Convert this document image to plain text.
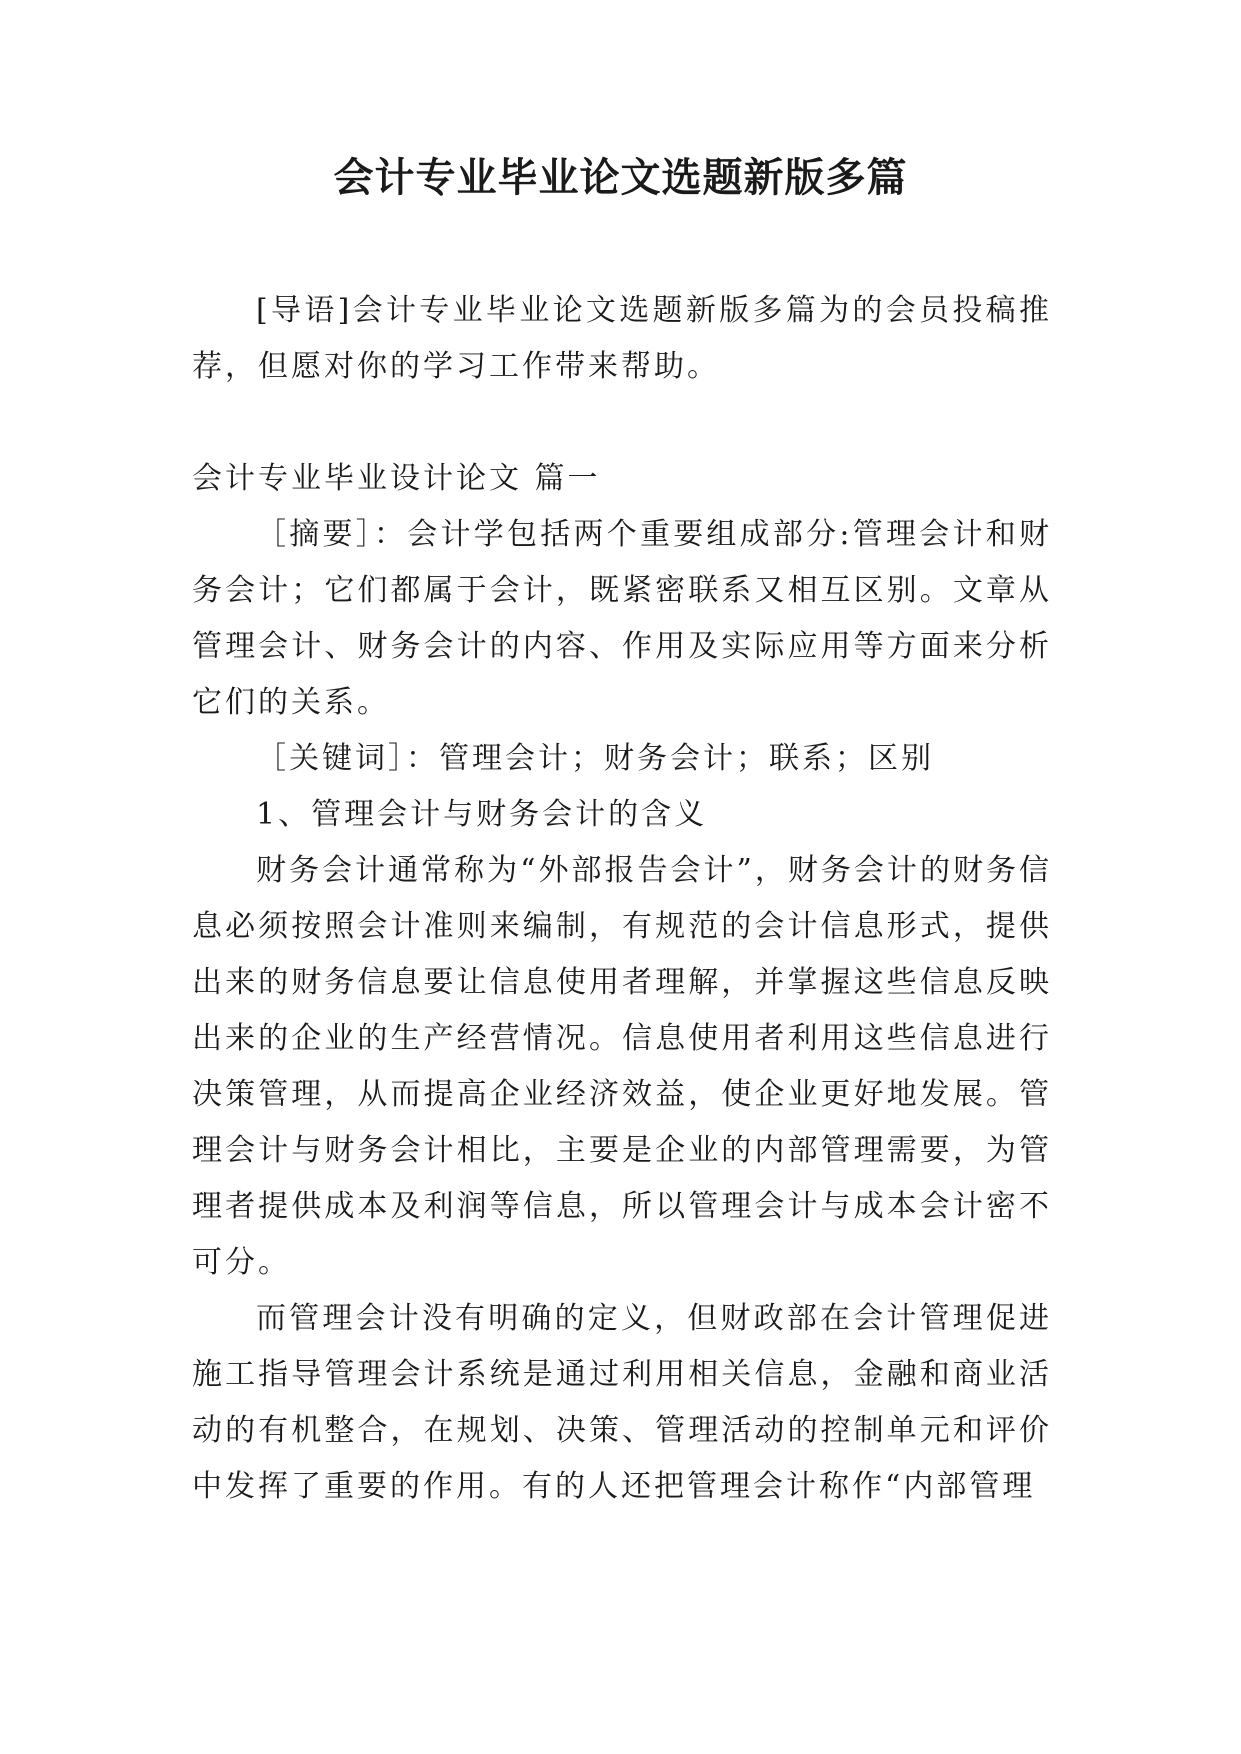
会计专业毕业论文选题新版多篇

[导语]会计专业毕业论文选题新版多篇为的会员投稿推荐，但愿对你的学习工作带来帮助。

会计专业毕业设计论文 篇一

［摘要］：会计学包括两个重要组成部分:管理会计和财务会计；它们都属于会计，既紧密联系又相互区别。文章从管理会计、财务会计的内容、作用及实际应用等方面来分析它们的关系。

［关键词］：管理会计；财务会计；联系；区别

1、管理会计与财务会计的含义

财务会计通常称为“外部报告会计”，财务会计的财务信息必须按照会计准则来编制，有规范的会计信息形式，提供出来的财务信息要让信息使用者理解，并掌握这些信息反映出来的企业的生产经营情况。信息使用者利用这些信息进行决策管理，从而提高企业经济效益，使企业更好地发展。管理会计与财务会计相比，主要是企业的内部管理需要，为管理者提供成本及利润等信息，所以管理会计与成本会计密不可分。

而管理会计没有明确的定义，但财政部在会计管理促进施工指导管理会计系统是通过利用相关信息，金融和商业活动的有机整合，在规划、决策、管理活动的控制单元和评价中发挥了重要的作用。有的人还把管理会计称作“内部管理
